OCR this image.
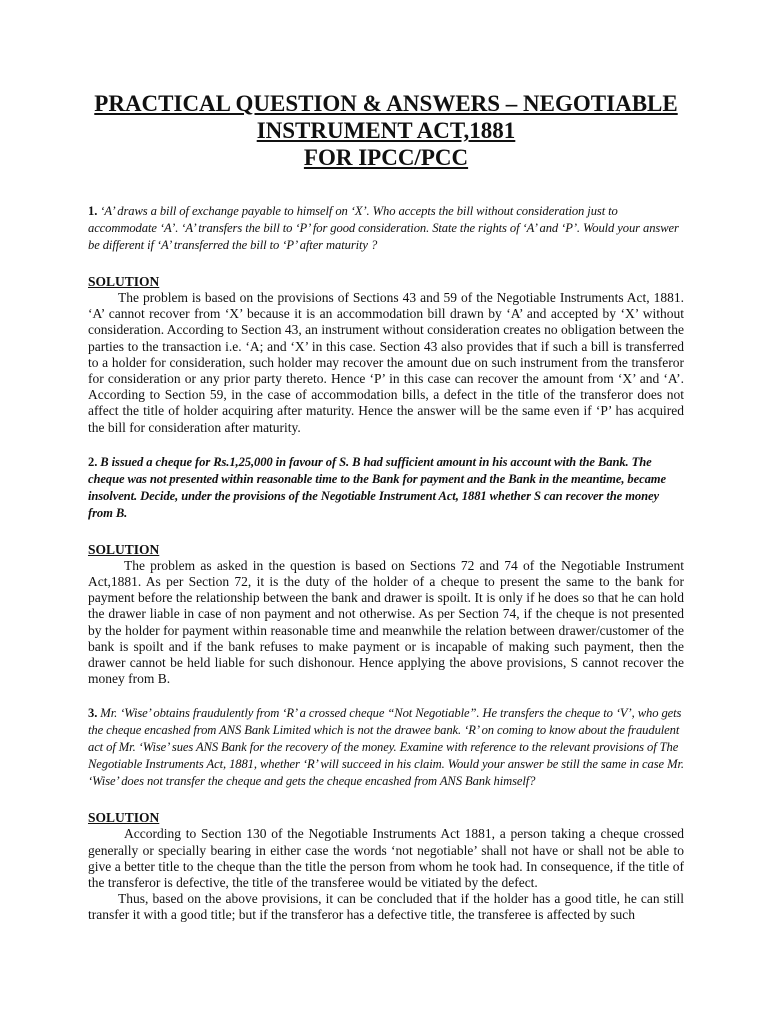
PRACTICAL QUESTION & ANSWERS – NEGOTIABLE
INSTRUMENT ACT,1881
FOR IPCC/PCC

1. ‘A’ draws a bill of exchange payable to himself on ‘X’. Who accepts the bill without consideration just to accommodate ‘A’. ‘A’ transfers the bill to ‘P’ for good consideration. State the rights of ‘A’ and ‘P’. Would your answer be different if ‘A’ transferred the bill to ‘P’ after maturity ?

SOLUTION

The problem is based on the provisions of Sections 43 and 59 of the Negotiable Instruments Act, 1881. ‘A’ cannot recover from ‘X’ because it is an accommodation bill drawn by ‘A’ and accepted by ‘X’ without consideration. According to Section 43, an instrument without consideration creates no obligation between the parties to the transaction i.e. ‘A; and ‘X’ in this case. Section 43 also provides that if such a bill is transferred to a holder for consideration, such holder may recover the amount due on such instrument from the transferor for consideration or any prior party thereto. Hence ‘P’ in this case can recover the amount from ‘X’ and ‘A’. According to Section 59, in the case of accommodation bills, a defect in the title of the transferor does not affect the title of holder acquiring after maturity. Hence the answer will be the same even if ‘P’ has acquired the bill for consideration after maturity.

2. B issued a cheque for Rs.1,25,000 in favour of S. B had sufficient amount in his account with the Bank. The cheque was not presented within reasonable time to the Bank for payment and the Bank in the meantime, became insolvent. Decide, under the provisions of the Negotiable Instrument Act, 1881 whether S can recover the money from B.

SOLUTION

The problem as asked in the question is based on Sections 72 and 74 of the Negotiable Instrument Act,1881. As per Section 72, it is the duty of the holder of a cheque to present the same to the bank for payment before the relationship between the bank and drawer is spoilt. It is only if he does so that he can hold the drawer liable in case of non payment and not otherwise. As per Section 74, if the cheque is not presented by the holder for payment within reasonable time and meanwhile the relation between drawer/customer of the bank is spoilt and if the bank refuses to make payment or is incapable of making such payment, then the drawer cannot be held liable for such dishonour. Hence applying the above provisions, S cannot recover the money from B.

3. Mr. ‘Wise’ obtains fraudulently from ‘R’ a crossed cheque “Not Negotiable”. He transfers the cheque to ‘V’, who gets the cheque encashed from ANS Bank Limited which is not the drawee bank. ‘R’ on coming to know about the fraudulent act of Mr. ‘Wise’ sues ANS Bank for the recovery of the money. Examine with reference to the relevant provisions of The Negotiable Instruments Act, 1881, whether ‘R’ will succeed in his claim. Would your answer be still the same in case Mr. ‘Wise’ does not transfer the cheque and gets the cheque encashed from ANS Bank himself?

SOLUTION

According to Section 130 of the Negotiable Instruments Act 1881, a person taking a cheque crossed generally or specially bearing in either case the words ‘not negotiable’ shall not have or shall not be able to give a better title to the cheque than the title the person from whom he took had. In consequence, if the title of the transferor is defective, the title of the transferee would be vitiated by the defect.

Thus, based on the above provisions, it can be concluded that if the holder has a good title, he can still transfer it with a good title; but if the transferor has a defective title, the transferee is affected by such
